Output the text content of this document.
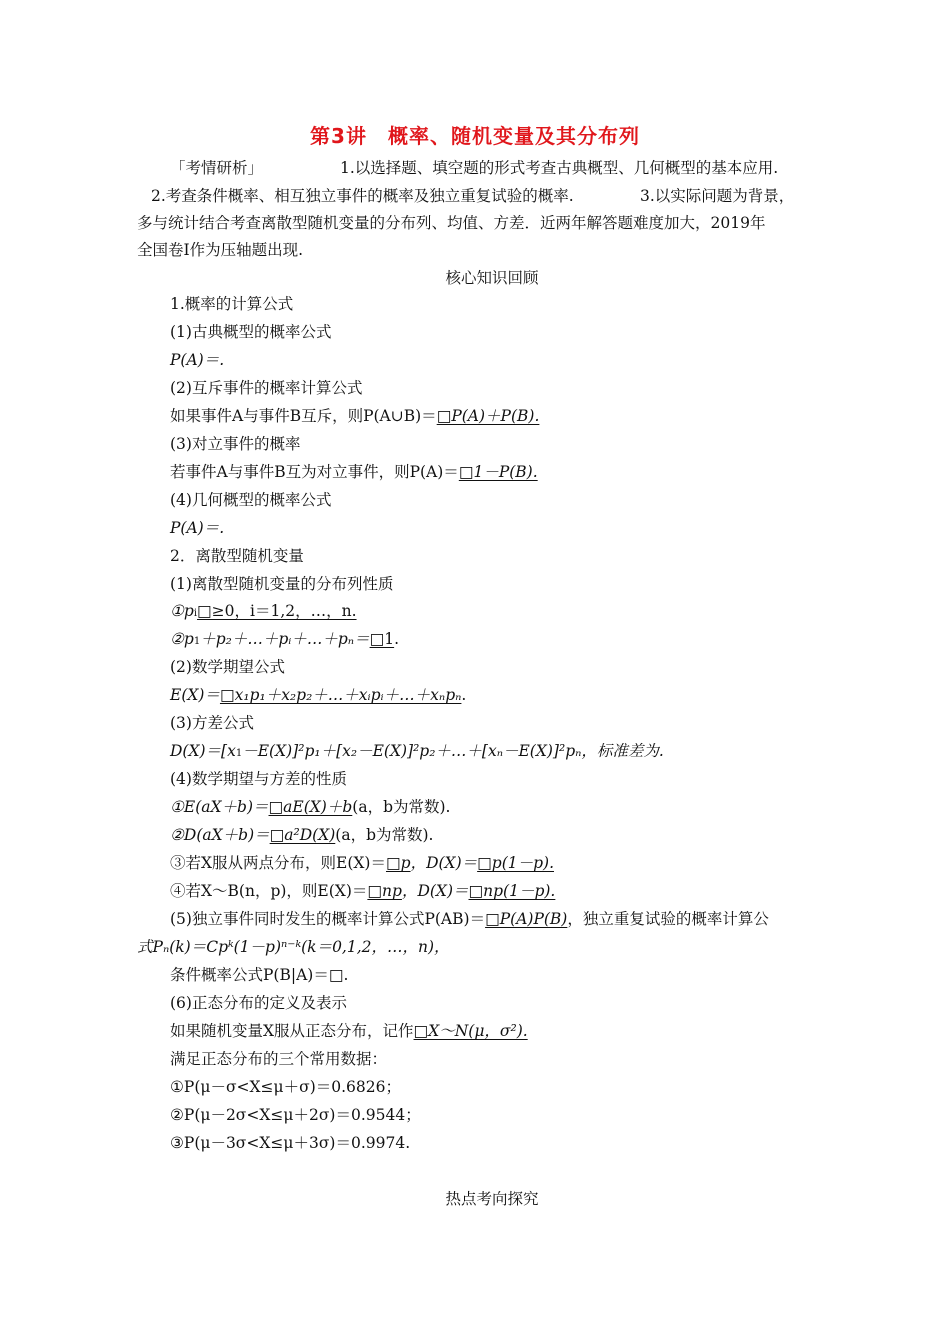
第3讲　概率、随机变量及其分布列
「考情研析」	1.以选择题、填空题的形式考查古典概型、几何概型的基本应用.
2.考查条件概率、相互独立事件的概率及独立重复试验的概率.	3.以实际问题为背景，
多与统计结合考查离散型随机变量的分布列、均值、方差．近两年解答题难度加大，2019年
全国卷Ⅰ作为压轴题出现.
核心知识回顾
1.概率的计算公式
(1)古典概型的概率公式
P(A)＝.
(2)互斥事件的概率计算公式
如果事件A与事件B互斥，则P(A∪B)＝□P(A)＋P(B).
(3)对立事件的概率
若事件A与事件B互为对立事件，则P(A)＝□1－P(B).
(4)几何概型的概率公式
P(A)＝.
2．离散型随机变量
(1)离散型随机变量的分布列性质
①pi□≥0，i＝1,2，…，n.
②p1＋p₂＋…＋pᵢ＋…＋pₙ＝□1.
(2)数学期望公式
E(X)＝□x₁p₁＋x₂p₂＋…＋xᵢpᵢ＋…＋xₙpₙ.
(3)方差公式
D(X)＝[x1－E(X)]²p₁＋[x₂－E(X)]²p₂＋…＋[xₙ－E(X)]²pₙ，标准差为.
(4)数学期望与方差的性质
①E(aX＋b)＝□aE(X)＋b(a，b为常数).
②D(aX＋b)＝□a²D(X)(a，b为常数).
③若X服从两点分布，则E(X)＝□p，D(X)＝□p(1－p).
④若X～B(n，p)，则E(X)＝□np，D(X)＝□np(1－p).
(5)独立事件同时发生的概率计算公式P(AB)＝□P(A)P(B)，独立重复试验的概率计算公
式Pₙ(k)＝Cpᵏ(1－p)ⁿ⁻ᵏ(k＝0,1,2，…，n)，
条件概率公式P(B|A)＝□.
(6)正态分布的定义及表示
如果随机变量X服从正态分布，记作□X～N(μ，σ²).
满足正态分布的三个常用数据：
①P(μ－σ<X≤μ＋σ)＝0.6826；
②P(μ－2σ<X≤μ＋2σ)＝0.9544；
③P(μ－3σ<X≤μ＋3σ)＝0.9974.
热点考向探究
